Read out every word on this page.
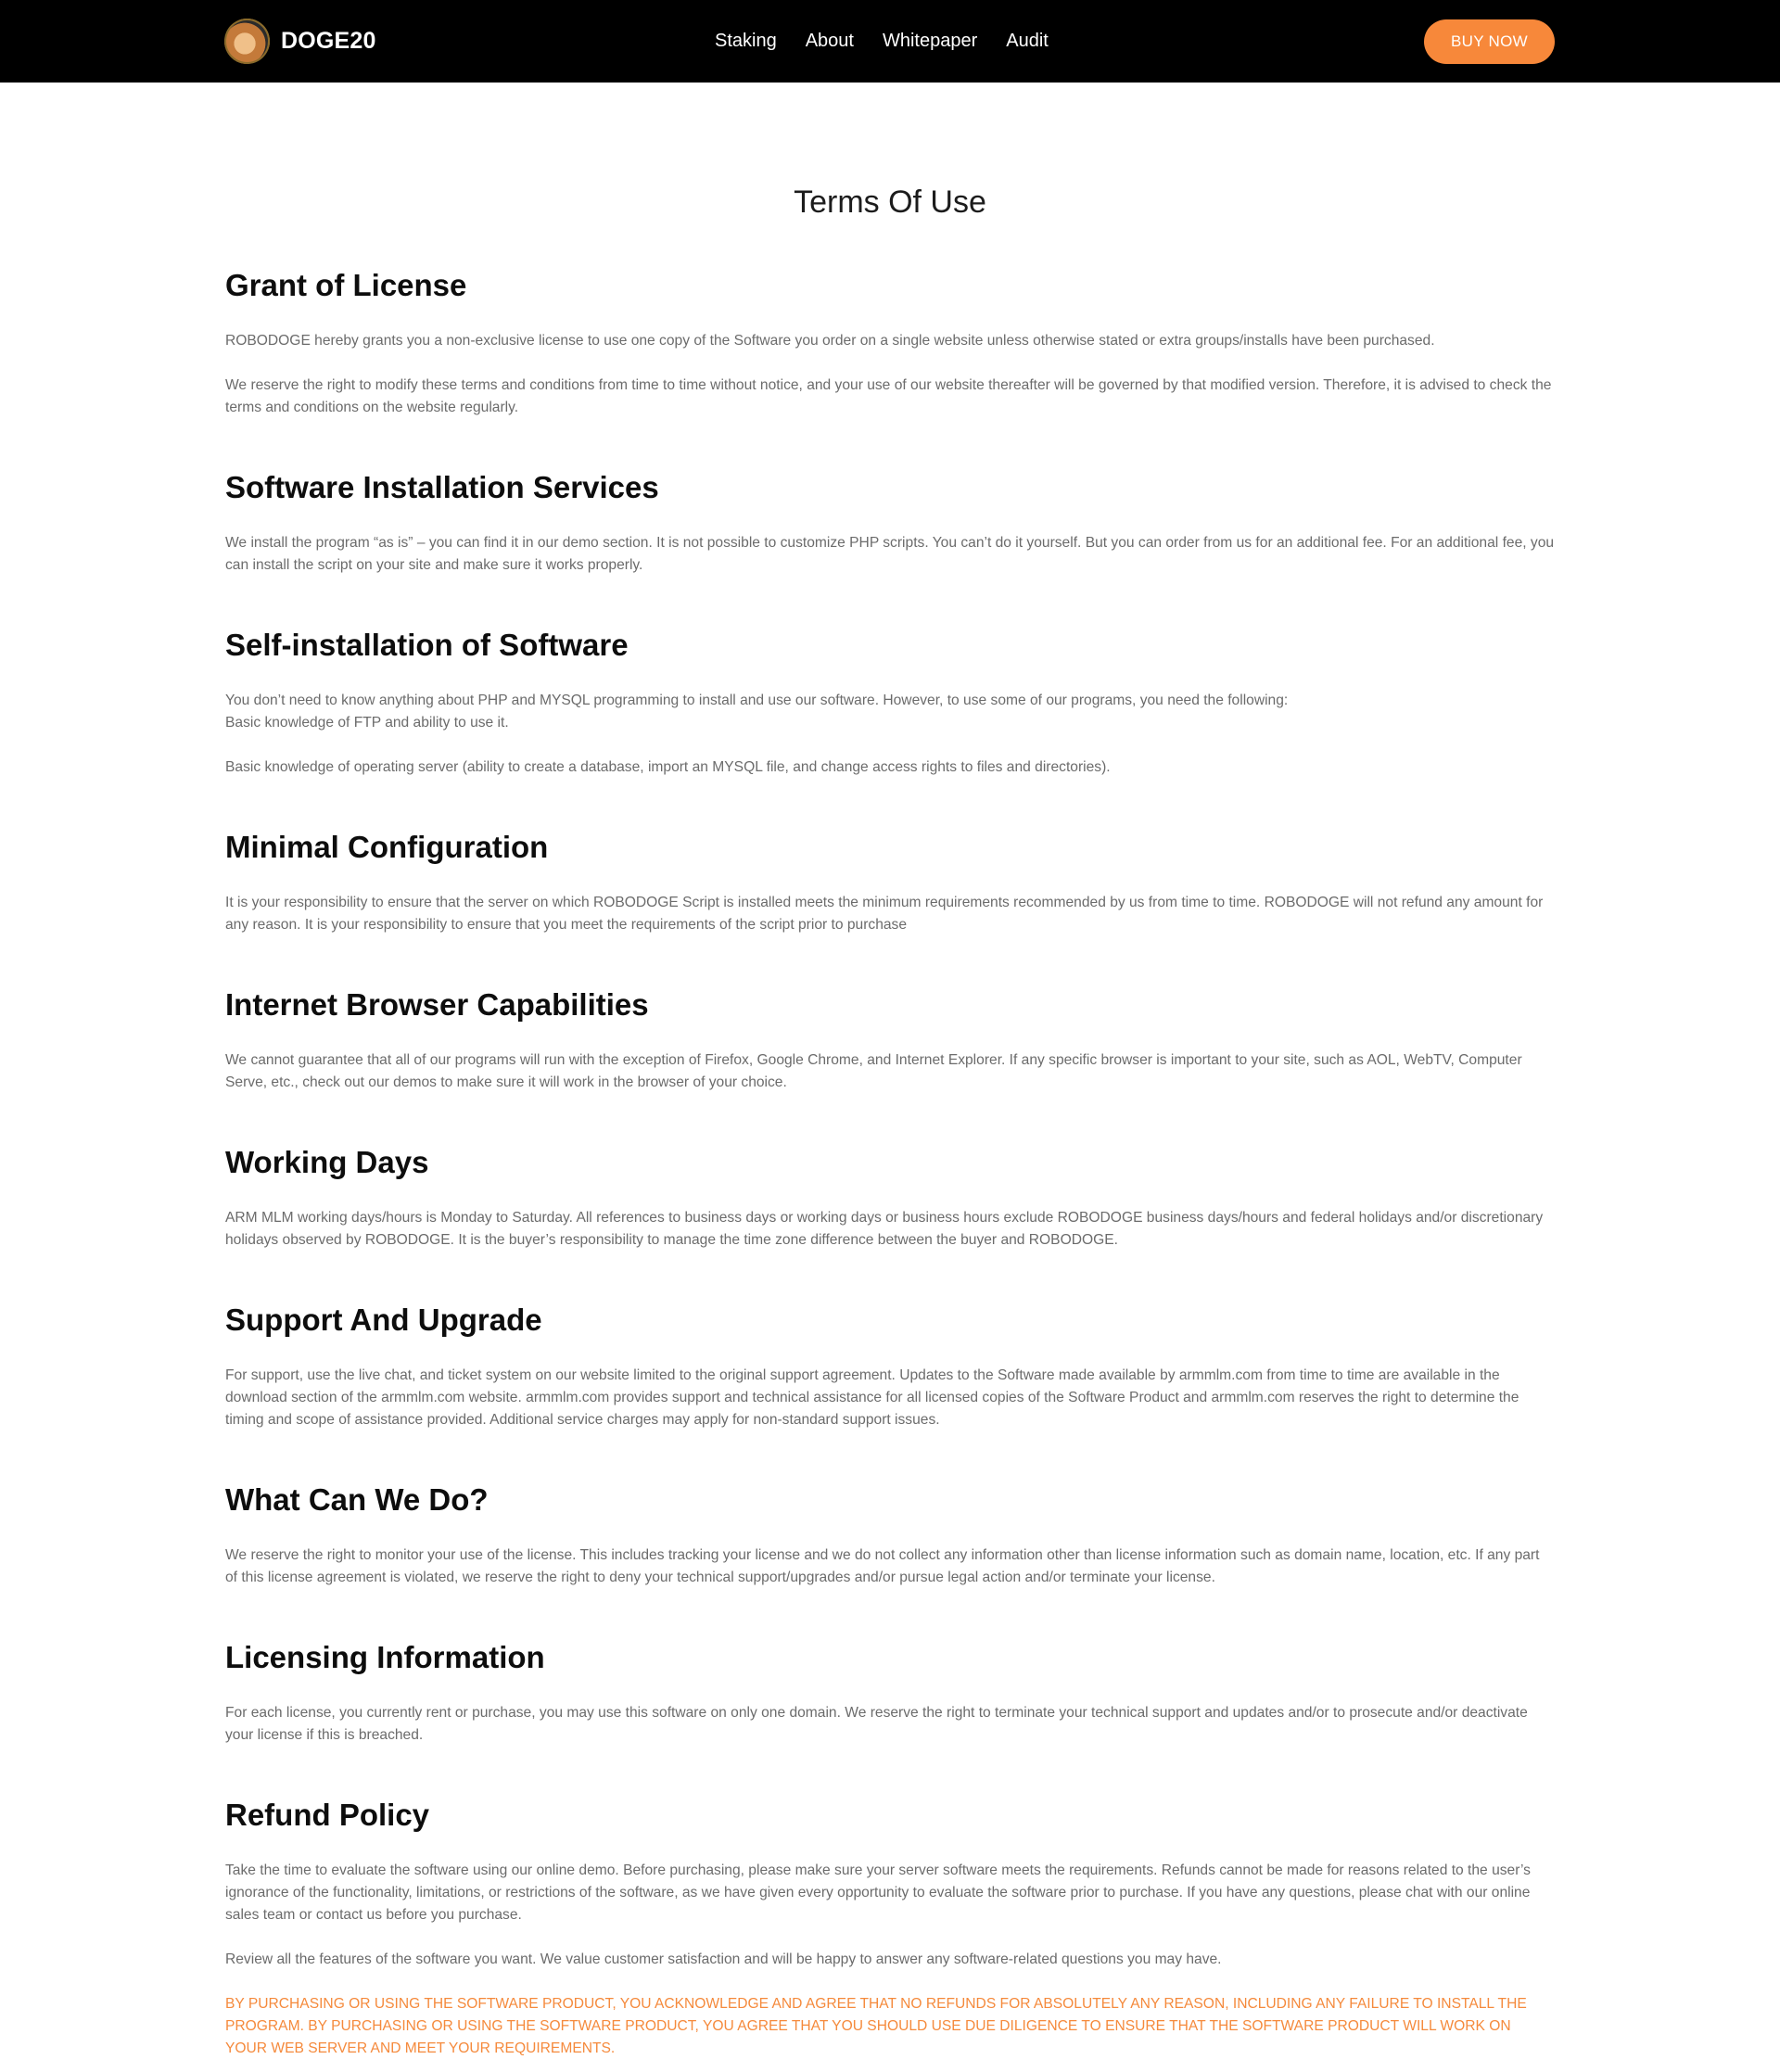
DOGE20	Staking About Whitepaper Audit	BUY NOW
Terms Of Use
Grant of License

ROBODOGE hereby grants you a non-exclusive license to use one copy of the Software you order on a single website unless otherwise stated or extra groups/installs have been purchased.

We reserve the right to modify these terms and conditions from time to time without notice, and your use of our website thereafter will be governed by that modified version. Therefore, it is advised to check the terms and conditions on the website regularly.

Software Installation Services

We install the program “as is” – you can find it in our demo section. It is not possible to customize PHP scripts. You can’t do it yourself. But you can order from us for an additional fee. For an additional fee, you can install the script on your site and make sure it works properly.

Self-installation of Software

You don’t need to know anything about PHP and MYSQL programming to install and use our software. However, to use some of our programs, you need the following:

Basic knowledge of FTP and ability to use it.

Basic knowledge of operating server (ability to create a database, import an MYSQL file, and change access rights to files and directories).

Minimal Configuration

It is your responsibility to ensure that the server on which ROBODOGE Script is installed meets the minimum requirements recommended by us from time to time. ROBODOGE will not refund any amount for any reason. It is your responsibility to ensure that you meet the requirements of the script prior to purchase

Internet Browser Capabilities

We cannot guarantee that all of our programs will run with the exception of Firefox, Google Chrome, and Internet Explorer. If any specific browser is important to your site, such as AOL, WebTV, Computer Serve, etc., check out our demos to make sure it will work in the browser of your choice.

Working Days

ARM MLM working days/hours is Monday to Saturday. All references to business days or working days or business hours exclude ROBODOGE business days/hours and federal holidays and/or discretionary holidays observed by ROBODOGE. It is the buyer’s responsibility to manage the time zone difference between the buyer and ROBODOGE.

Support And Upgrade

For support, use the live chat, and ticket system on our website limited to the original support agreement. Updates to the Software made available by armmlm.com from time to time are available in the download section of the armmlm.com website. armmlm.com provides support and technical assistance for all licensed copies of the Software Product and armmlm.com reserves the right to determine the timing and scope of assistance provided. Additional service charges may apply for non-standard support issues.

What Can We Do?

We reserve the right to monitor your use of the license. This includes tracking your license and we do not collect any information other than license information such as domain name, location, etc. If any part of this license agreement is violated, we reserve the right to deny your technical support/upgrades and/or pursue legal action and/or terminate your license.

Licensing Information

For each license, you currently rent or purchase, you may use this software on only one domain. We reserve the right to terminate your technical support and updates and/or to prosecute and/or deactivate your license if this is breached.

Refund Policy

Take the time to evaluate the software using our online demo. Before purchasing, please make sure your server software meets the requirements. Refunds cannot be made for reasons related to the user’s ignorance of the functionality, limitations, or restrictions of the software, as we have given every opportunity to evaluate the software prior to purchase. If you have any questions, please chat with our online sales team or contact us before you purchase.

Review all the features of the software you want. We value customer satisfaction and will be happy to answer any software-related questions you may have.

BY PURCHASING OR USING THE SOFTWARE PRODUCT, YOU ACKNOWLEDGE AND AGREE THAT NO REFUNDS FOR ABSOLUTELY ANY REASON, INCLUDING ANY FAILURE TO INSTALL THE PROGRAM. BY PURCHASING OR USING THE SOFTWARE PRODUCT, YOU AGREE THAT YOU SHOULD USE DUE DILIGENCE TO ENSURE THAT THE SOFTWARE PRODUCT WILL WORK ON YOUR WEB SERVER AND MEET YOUR REQUIREMENTS.
